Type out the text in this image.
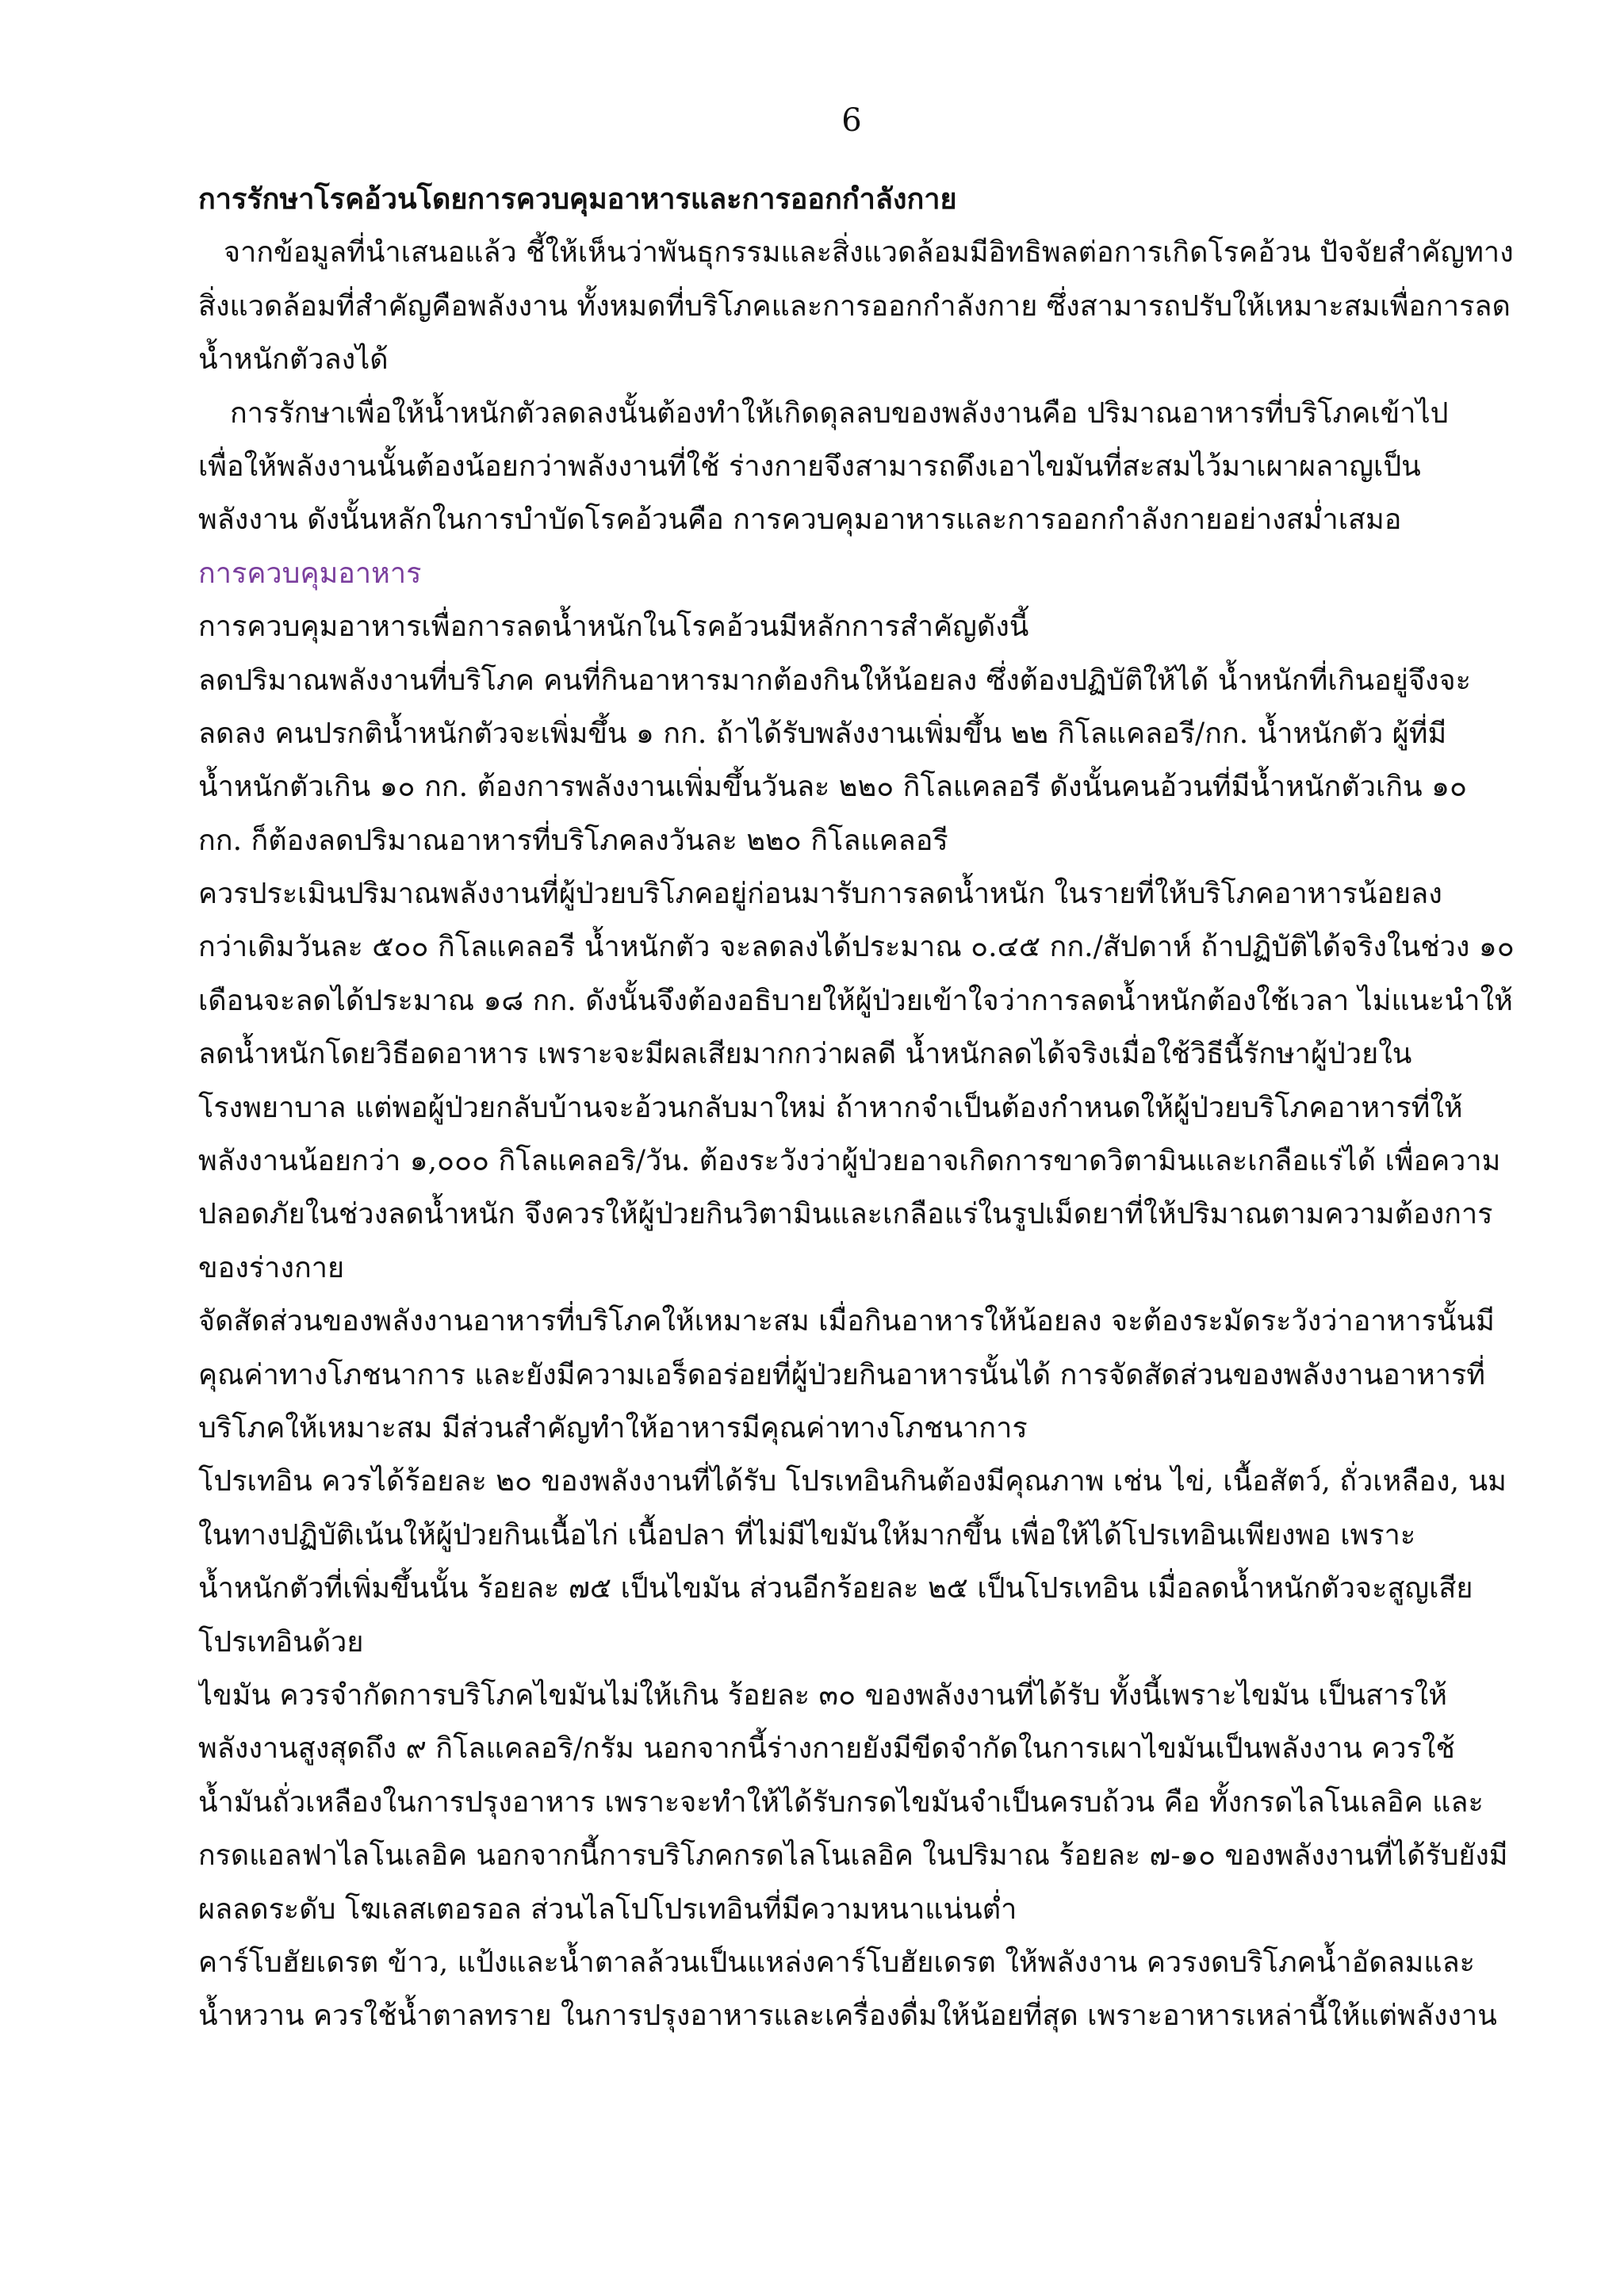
6
การรักษาโรคอ้วนโดยการควบคุมอาหารและการออกกำลังกาย
จากข้อมูลที่นำเสนอแล้ว ชี้ให้เห็นว่าพันธุกรรมและสิ่งแวดล้อมมีอิทธิพลต่อการเกิดโรคอ้วน ปัจจัยสำคัญทาง
สิ่งแวดล้อมที่สำคัญคือพลังงาน ทั้งหมดที่บริโภคและการออกกำลังกาย ซึ่งสามารถปรับให้เหมาะสมเพื่อการลด
น้ำหนักตัวลงได้
การรักษาเพื่อให้น้ำหนักตัวลดลงนั้นต้องทำให้เกิดดุลลบของพลังงานคือ ปริมาณอาหารที่บริโภคเข้าไป
เพื่อให้พลังงานนั้นต้องน้อยกว่าพลังงานที่ใช้ ร่างกายจึงสามารถดึงเอาไขมันที่สะสมไว้มาเผาผลาญเป็น
พลังงาน ดังนั้นหลักในการบำบัดโรคอ้วนคือ การควบคุมอาหารและการออกกำลังกายอย่างสม่ำเสมอ
การควบคุมอาหาร
การควบคุมอาหารเพื่อการลดน้ำหนักในโรคอ้วนมีหลักการสำคัญดังนี้
ลดปริมาณพลังงานที่บริโภค คนที่กินอาหารมากต้องกินให้น้อยลง ซึ่งต้องปฏิบัติให้ได้ น้ำหนักที่เกินอยู่จึงจะ
ลดลง คนปรกติน้ำหนักตัวจะเพิ่มขึ้น ๑ กก. ถ้าได้รับพลังงานเพิ่มขึ้น ๒๒ กิโลแคลอรี/กก. น้ำหนักตัว ผู้ที่มี
น้ำหนักตัวเกิน ๑๐ กก. ต้องการพลังงานเพิ่มขึ้นวันละ ๒๒๐ กิโลแคลอรี ดังนั้นคนอ้วนที่มีน้ำหนักตัวเกิน ๑๐
กก. ก็ต้องลดปริมาณอาหารที่บริโภคลงวันละ ๒๒๐ กิโลแคลอรี
ควรประเมินปริมาณพลังงานที่ผู้ป่วยบริโภคอยู่ก่อนมารับการลดน้ำหนัก ในรายที่ให้บริโภคอาหารน้อยลง
กว่าเดิมวันละ ๕๐๐ กิโลแคลอรี น้ำหนักตัว จะลดลงได้ประมาณ ๐.๔๕ กก./สัปดาห์ ถ้าปฏิบัติได้จริงในช่วง ๑๐
เดือนจะลดได้ประมาณ ๑๘ กก. ดังนั้นจึงต้องอธิบายให้ผู้ป่วยเข้าใจว่าการลดน้ำหนักต้องใช้เวลา ไม่แนะนำให้
ลดน้ำหนักโดยวิธีอดอาหาร เพราะจะมีผลเสียมากกว่าผลดี น้ำหนักลดได้จริงเมื่อใช้วิธีนี้รักษาผู้ป่วยใน
โรงพยาบาล แต่พอผู้ป่วยกลับบ้านจะอ้วนกลับมาใหม่ ถ้าหากจำเป็นต้องกำหนดให้ผู้ป่วยบริโภคอาหารที่ให้
พลังงานน้อยกว่า ๑,๐๐๐ กิโลแคลอริ/วัน. ต้องระวังว่าผู้ป่วยอาจเกิดการขาดวิตามินและเกลือแร่ได้ เพื่อความ
ปลอดภัยในช่วงลดน้ำหนัก จึงควรให้ผู้ป่วยกินวิตามินและเกลือแร่ในรูปเม็ดยาที่ให้ปริมาณตามความต้องการ
ของร่างกาย
จัดสัดส่วนของพลังงานอาหารที่บริโภคให้เหมาะสม เมื่อกินอาหารให้น้อยลง จะต้องระมัดระวังว่าอาหารนั้นมี
คุณค่าทางโภชนาการ และยังมีความเอร็ดอร่อยที่ผู้ป่วยกินอาหารนั้นได้ การจัดสัดส่วนของพลังงานอาหารที่
บริโภคให้เหมาะสม มีส่วนสำคัญทำให้อาหารมีคุณค่าทางโภชนาการ
โปรเทอิน ควรได้ร้อยละ ๒๐ ของพลังงานที่ได้รับ โปรเทอินกินต้องมีคุณภาพ เช่น ไข่, เนื้อสัตว์, ถั่วเหลือง, นม
ในทางปฏิบัติเน้นให้ผู้ป่วยกินเนื้อไก่ เนื้อปลา ที่ไม่มีไขมันให้มากขึ้น เพื่อให้ได้โปรเทอินเพียงพอ เพราะ
น้ำหนักตัวที่เพิ่มขึ้นนั้น ร้อยละ ๗๕ เป็นไขมัน ส่วนอีกร้อยละ ๒๕ เป็นโปรเทอิน เมื่อลดน้ำหนักตัวจะสูญเสีย
โปรเทอินด้วย
ไขมัน ควรจำกัดการบริโภคไขมันไม่ให้เกิน ร้อยละ ๓๐ ของพลังงานที่ได้รับ ทั้งนี้เพราะไขมัน เป็นสารให้
พลังงานสูงสุดถึง ๙ กิโลแคลอริ/กรัม นอกจากนี้ร่างกายยังมีขีดจำกัดในการเผาไขมันเป็นพลังงาน ควรใช้
น้ำมันถั่วเหลืองในการปรุงอาหาร เพราะจะทำให้ได้รับกรดไขมันจำเป็นครบถ้วน คือ ทั้งกรดไลโนเลอิค และ
กรดแอลฟาไลโนเลอิค นอกจากนี้การบริโภคกรดไลโนเลอิค ในปริมาณ ร้อยละ ๗-๑๐ ของพลังงานที่ได้รับยังมี
ผลลดระดับ โฆเลสเตอรอล ส่วนไลโปโปรเทอินที่มีความหนาแน่นต่ำ
คาร์โบฮัยเดรต ข้าว, แป้งและน้ำตาลล้วนเป็นแหล่งคาร์โบฮัยเดรต ให้พลังงาน ควรงดบริโภคน้ำอัดลมและ
น้ำหวาน ควรใช้น้ำตาลทราย ในการปรุงอาหารและเครื่องดื่มให้น้อยที่สุด เพราะอาหารเหล่านี้ให้แต่พลังงาน
